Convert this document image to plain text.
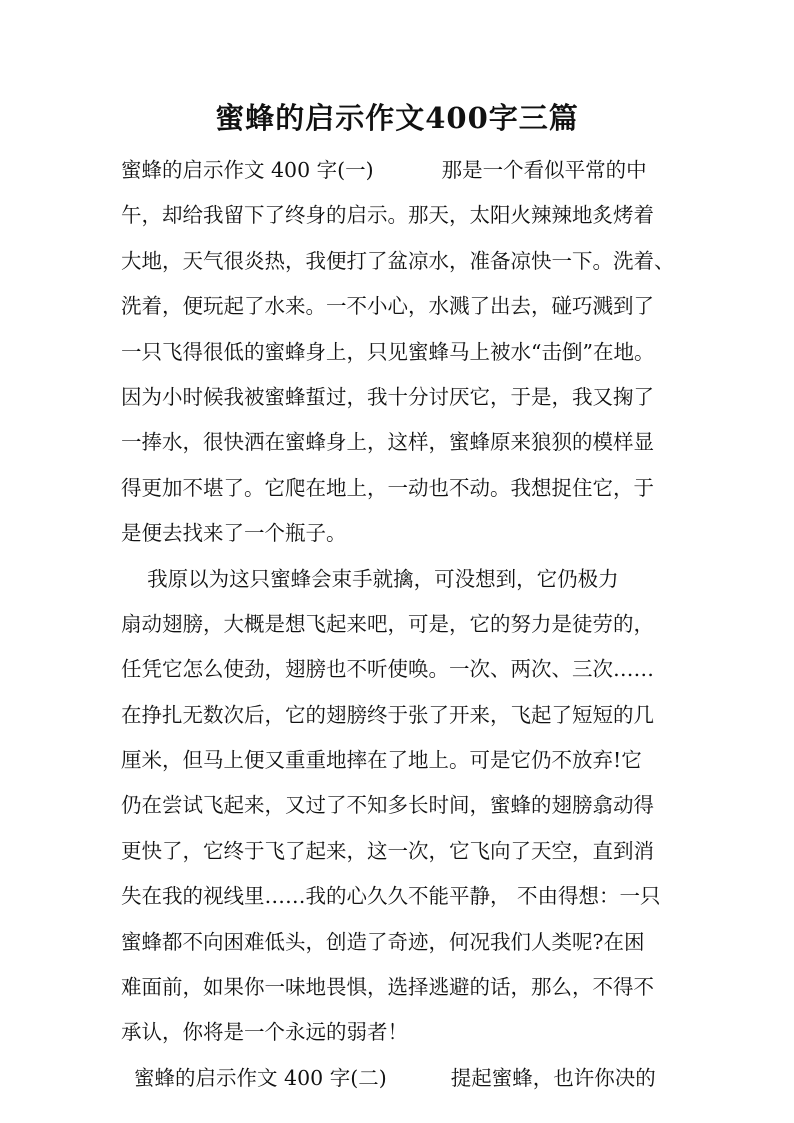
蜜蜂的启示作文400字三篇
蜜蜂的启示作文 400 字(一)	那是一个看似平常的中
午，却给我留下了终身的启示。那天，太阳火辣辣地炙烤着
大地，天气很炎热，我便打了盆凉水，准备凉快一下。洗着、
洗着，便玩起了水来。一不小心，水溅了出去，碰巧溅到了
一只飞得很低的蜜蜂身上，只见蜜蜂马上被水“击倒”在地。
因为小时候我被蜜蜂蜇过，我十分讨厌它，于是，我又掬了
一捧水，很快洒在蜜蜂身上，这样，蜜蜂原来狼狈的模样显
得更加不堪了。它爬在地上，一动也不动。我想捉住它，于
是便去找来了一个瓶子。
我原以为这只蜜蜂会束手就擒，可没想到，它仍极力
扇动翅膀，大概是想飞起来吧，可是，它的努力是徒劳的，
任凭它怎么使劲，翅膀也不听使唤。一次、两次、三次……
在挣扎无数次后，它的翅膀终于张了开来，飞起了短短的几
厘米，但马上便又重重地摔在了地上。可是它仍不放弃!它
仍在尝试飞起来，又过了不知多长时间，蜜蜂的翅膀翕动得
更快了，它终于飞了起来，这一次，它飞向了天空，直到消
失在我的视线里……我的心久久不能平静， 不由得想：一只
蜜蜂都不向困难低头，创造了奇迹，何况我们人类呢?在困
难面前，如果你一味地畏惧，选择逃避的话，那么，不得不
承认，你将是一个永远的弱者！
蜜蜂的启示作文 400 字(二)	提起蜜蜂，也许你决的
